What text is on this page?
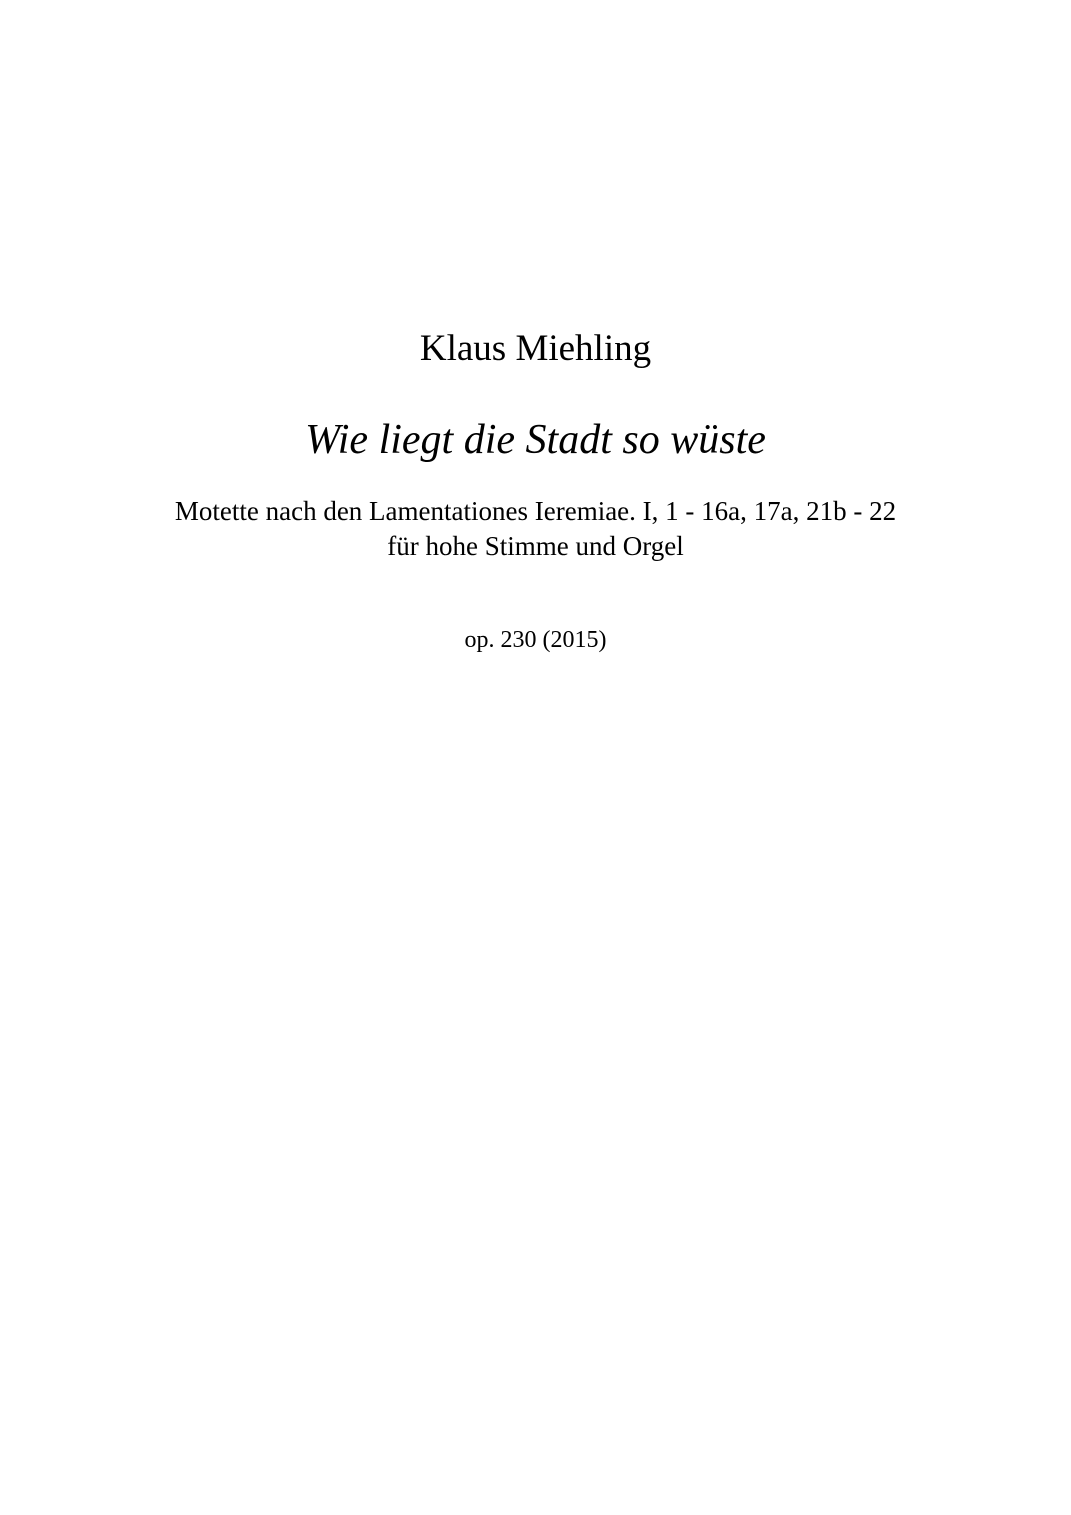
Klaus Miehling
Wie liegt die Stadt so wüste
Motette nach den Lamentationes Ieremiae. I, 1 - 16a, 17a, 21b - 22
für hohe Stimme und Orgel
op. 230 (2015)
